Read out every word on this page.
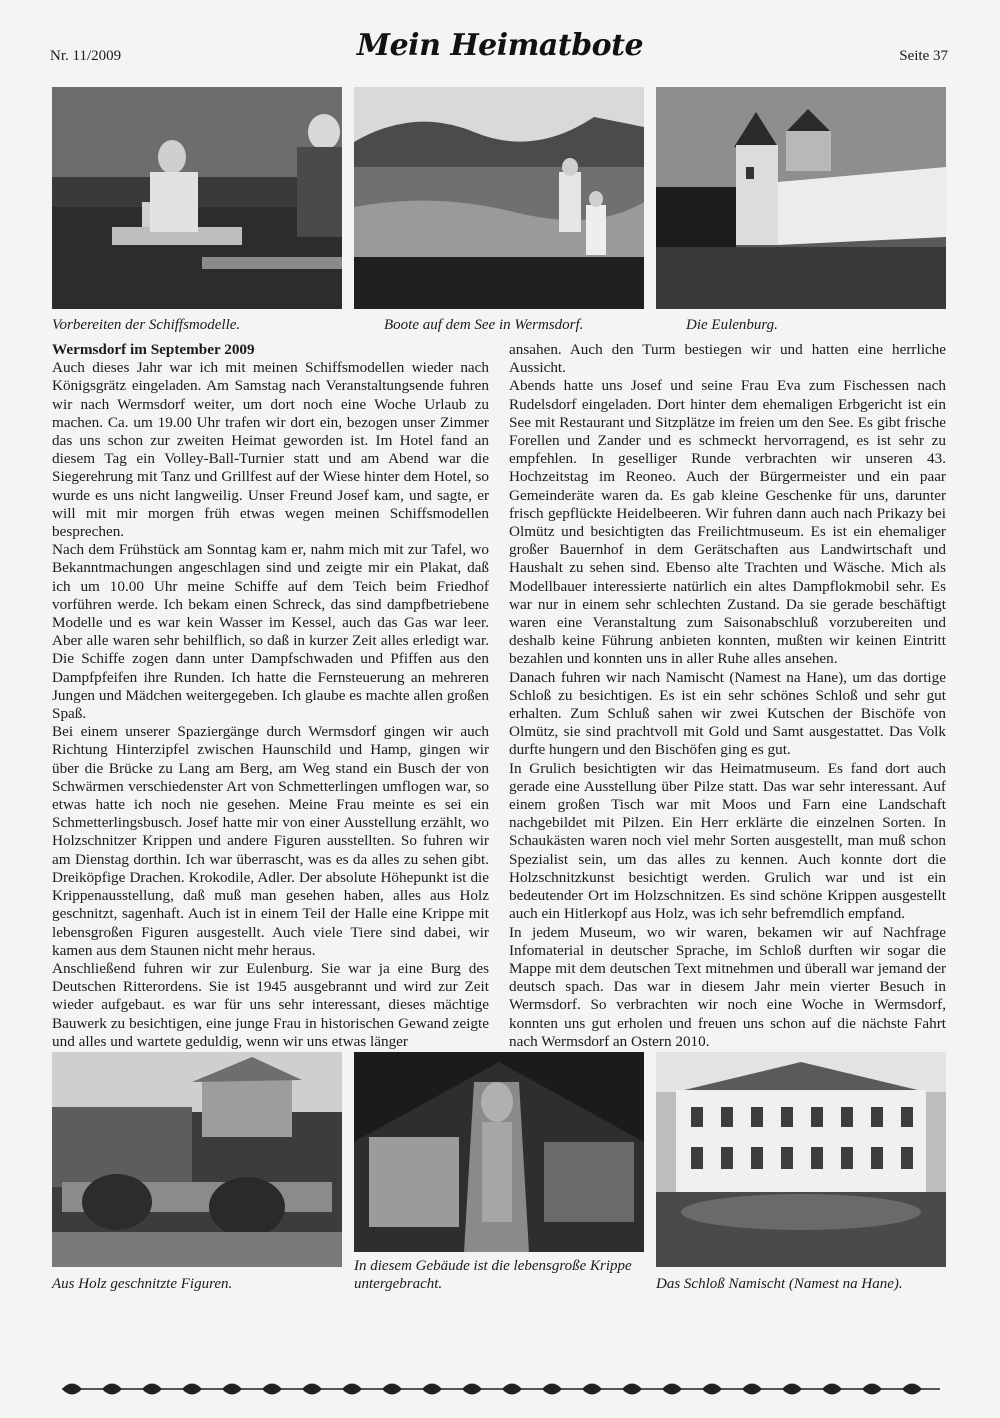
Nr. 11/2009	Mein Heimatbote	Seite 37
Vorbereiten der Schiffsmodelle.	Boote auf dem See in Wermsdorf.	Die Eulenburg.

Wermsdorf im September 2009

Auch dieses Jahr war ich mit meinen Schiffsmodellen wieder nach Königsgrätz eingeladen. Am Samstag nach Veranstaltungsende fuhren wir nach Wermsdorf weiter, um dort noch eine Woche Urlaub zu machen. Ca. um 19.00 Uhr trafen wir dort ein, bezogen unser Zimmer das uns schon zur zweiten Heimat geworden ist. Im Hotel fand an diesem Tag ein Volley-Ball-Turnier statt und am Abend war die Siegerehrung mit Tanz und Grillfest auf der Wiese hinter dem Hotel, so wurde es uns nicht langweilig. Unser Freund Josef kam, und sagte, er will mit mir morgen früh etwas wegen meinen Schiffsmodellen besprechen.

Nach dem Frühstück am Sonntag kam er, nahm mich mit zur Tafel, wo Bekanntmachungen angeschlagen sind und zeigte mir ein Plakat, daß ich um 10.00 Uhr meine Schiffe auf dem Teich beim Friedhof vorführen werde. Ich bekam einen Schreck, das sind dampfbetriebene Modelle und es war kein Wasser im Kessel, auch das Gas war leer. Aber alle waren sehr behilflich, so daß in kurzer Zeit alles erledigt war. Die Schiffe zogen dann unter Dampfschwaden und Pfiffen aus den Dampfpfeifen ihre Runden. Ich hatte die Fernsteuerung an mehreren Jungen und Mädchen weitergegeben. Ich glaube es machte allen großen Spaß.

Bei einem unserer Spaziergänge durch Wermsdorf gingen wir auch Richtung Hinterzipfel zwischen Haunschild und Hamp, gingen wir über die Brücke zu Lang am Berg, am Weg stand ein Busch der von Schwärmen verschiedenster Art von Schmetterlingen umflogen war, so etwas hatte ich noch nie gesehen. Meine Frau meinte es sei ein Schmetterlingsbusch. Josef hatte mir von einer Ausstellung erzählt, wo Holzschnitzer Krippen und andere Figuren ausstellten. So fuhren wir am Dienstag dorthin. Ich war überrascht, was es da alles zu sehen gibt. Dreiköpfige Drachen. Krokodile, Adler. Der absolute Höhepunkt ist die Krippenausstellung, daß muß man gesehen haben, alles aus Holz geschnitzt, sagenhaft. Auch ist in einem Teil der Halle eine Krippe mit lebensgroßen Figuren ausgestellt. Auch viele Tiere sind dabei, wir kamen aus dem Staunen nicht mehr heraus.

Anschließend fuhren wir zur Eulenburg. Sie war ja eine Burg des Deutschen Ritterordens. Sie ist 1945 ausgebrannt und wird zur Zeit wieder aufgebaut. es war für uns sehr interessant, dieses mächtige Bauwerk zu besichtigen, eine junge Frau in historischen Gewand zeigte und alles und wartete geduldig, wenn wir uns etwas länger

ansahen. Auch den Turm bestiegen wir und hatten eine herrliche Aussicht.

Abends hatte uns Josef und seine Frau Eva zum Fischessen nach Rudelsdorf eingeladen. Dort hinter dem ehemaligen Erbgericht ist ein See mit Restaurant und Sitzplätze im freien um den See. Es gibt frische Forellen und Zander und es schmeckt hervorragend, es ist sehr zu empfehlen. In geselliger Runde verbrachten wir unseren 43. Hochzeitstag im Reoneo. Auch der Bürgermeister und ein paar Gemeinderäte waren da. Es gab kleine Geschenke für uns, darunter frisch gepflückte Heidelbeeren. Wir fuhren dann auch nach Prikazy bei Olmütz und besichtigten das Freilichtmuseum. Es ist ein ehemaliger großer Bauernhof in dem Gerätschaften aus Landwirtschaft und Haushalt zu sehen sind. Ebenso alte Trachten und Wäsche. Mich als Modellbauer interessierte natürlich ein altes Dampflokmobil sehr. Es war nur in einem sehr schlechten Zustand. Da sie gerade beschäftigt waren eine Veranstaltung zum Saisonabschluß vorzubereiten und deshalb keine Führung anbieten konnten, mußten wir keinen Eintritt bezahlen und konnten uns in aller Ruhe alles ansehen.

Danach fuhren wir nach Namischt (Namest na Hane), um das dortige Schloß zu besichtigen. Es ist ein sehr schönes Schloß und sehr gut erhalten. Zum Schluß sahen wir zwei Kutschen der Bischöfe von Olmütz, sie sind prachtvoll mit Gold und Samt ausgestattet. Das Volk durfte hungern und den Bischöfen ging es gut.

In Grulich besichtigten wir das Heimatmuseum. Es fand dort auch gerade eine Ausstellung über Pilze statt. Das war sehr interessant. Auf einem großen Tisch war mit Moos und Farn eine Landschaft nachgebildet mit Pilzen. Ein Herr erklärte die einzelnen Sorten. In Schaukästen waren noch viel mehr Sorten ausgestellt, man muß schon Spezialist sein, um das alles zu kennen. Auch konnte dort die Holzschnitzkunst besichtigt werden. Grulich war und ist ein bedeutender Ort im Holzschnitzen. Es sind schöne Krippen ausgestellt auch ein Hitlerkopf aus Holz, was ich sehr befremdlich empfand.

In jedem Museum, wo wir waren, bekamen wir auf Nachfrage Infomaterial in deutscher Sprache, im Schloß durften wir sogar die Mappe mit dem deutschen Text mitnehmen und überall war jemand der deutsch spach. Das war in diesem Jahr mein vierter Besuch in Wermsdorf. So verbrachten wir noch eine Woche in Wermsdorf, konnten uns gut erholen und freuen uns schon auf die nächste Fahrt nach Wermsdorf an Ostern 2010.

Aus Holz geschnitzte Figuren.
In diesem Gebäude ist die lebensgroße Krippe untergebracht.	Das Schloß Namischt (Namest na Hane).
